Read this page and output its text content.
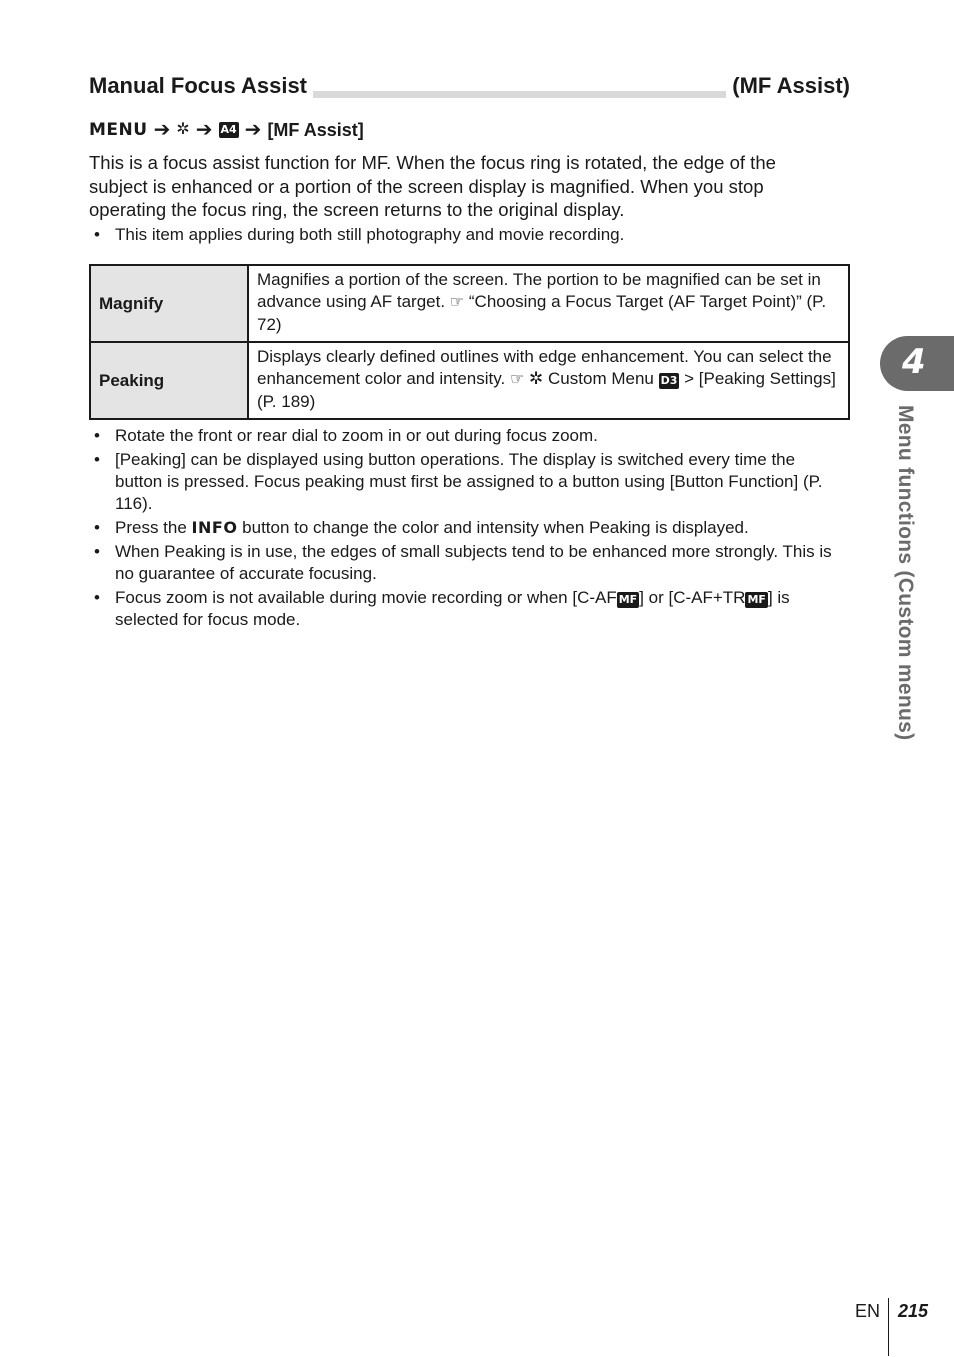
Manual Focus Assist	(MF Assist)
MENU ➔ ✲ ➔ A4 ➔ [MF Assist]

This is a focus assist function for MF. When the focus ring is rotated, the edge of the subject is enhanced or a portion of the screen display is magnified. When you stop operating the focus ring, the screen returns to the original display.

• This item applies during both still photography and movie recording.
Magnify	Magnifies a portion of the screen. The portion to be magnified can be set in advance using AF target. ☞ “Choosing a Focus Target (AF Target Point)” (P. 72)
Peaking	Displays clearly defined outlines with edge enhancement. You can select the enhancement color and intensity. ☞ ✲ Custom Menu D3 > [Peaking Settings] (P. 189)
• Rotate the front or rear dial to zoom in or out during focus zoom.
• [Peaking] can be displayed using button operations. The display is switched every time the button is pressed. Focus peaking must first be assigned to a button using [Button Function] (P. 116).
• Press the INFO button to change the color and intensity when Peaking is displayed.
• When Peaking is in use, the edges of small subjects tend to be enhanced more strongly. This is no guarantee of accurate focusing.
• Focus zoom is not available during movie recording or when [C-AF MF ] or [C-AF+TR MF ] is selected for focus mode.
4
Menu functions (Custom menus)
EN 215
